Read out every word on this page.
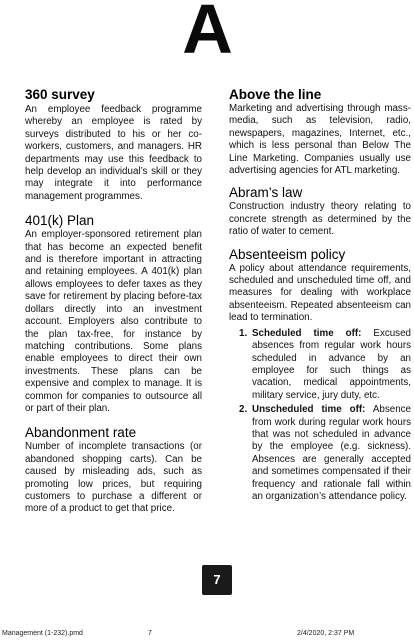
A
360 survey

An employee feedback programme whereby an employee is rated by surveys distributed to his or her co-workers, customers, and managers. HR departments may use this feedback to help develop an individual’s skill or they may integrate it into performance management programmes.

401(k) Plan

An employer-sponsored retirement plan that has become an expected benefit and is therefore important in attracting and retaining employees. A 401(k) plan allows employees to defer taxes as they save for retirement by placing before-tax dollars directly into an investment account. Employers also contribute to the plan tax-free, for instance by matching contributions. Some plans enable employees to direct their own investments. These plans can be expensive and complex to manage. It is common for companies to outsource all or part of their plan.

Abandonment rate

Number of incomplete transactions (or abandoned shopping carts). Can be caused by misleading ads, such as promoting low prices, but requiring customers to purchase a different or more of a product to get that price.

Above the line

Marketing and advertising through mass-media, such as television, radio, newspapers, magazines, Internet, etc., which is less personal than Below The Line Marketing. Companies usually use advertising agencies for ATL marketing.

Abram’s law

Construction industry theory relating to concrete strength as determined by the ratio of water to cement.

Absenteeism policy

A policy about attendance requirements, scheduled and unscheduled time off, and measures for dealing with workplace absenteeism. Repeated absenteeism can lead to termination.

1. Scheduled time off: Excused absences from regular work hours scheduled in advance by an employee for such things as vacation, medical appointments, military service, jury duty, etc.
2. Unscheduled time off: Absence from work during regular work hours that was not scheduled in advance by the employee (e.g. sickness). Absences are generally accepted and sometimes compensated if their frequency and rationale fall within an organization’s attendance policy.
7
Management (1-232).pmd	7	2/4/2020, 2:37 PM
